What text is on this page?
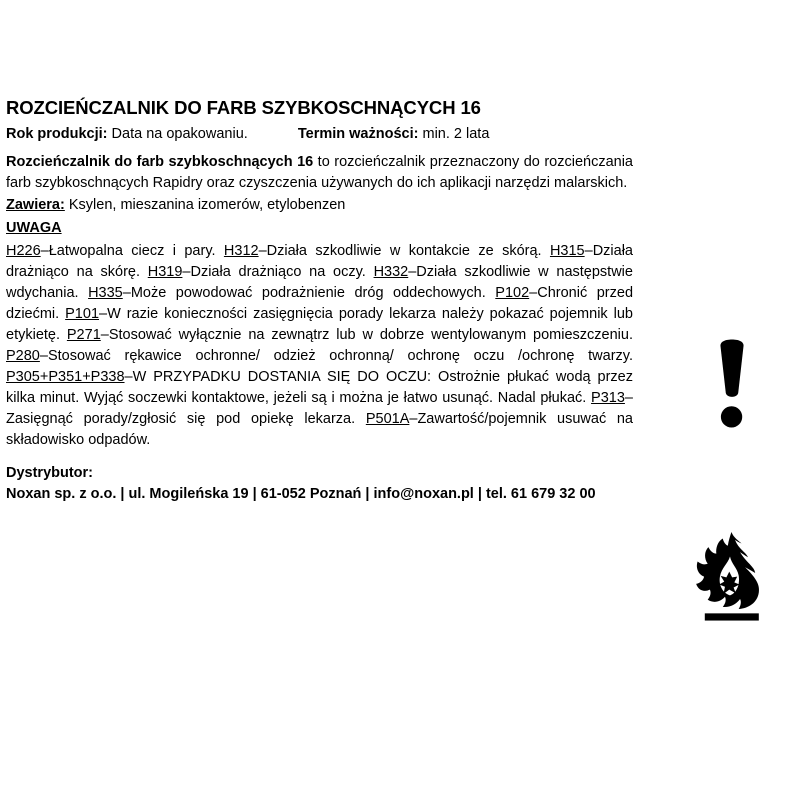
ROZCIEŃCZALNIK DO FARB SZYBKOSCHNĄCYCH 16
Rok produkcji: Data na opakowaniu.	Termin ważności: min. 2 lata

Rozcieńczalnik do farb szybkoschnących 16 to rozcieńczalnik przeznaczony do rozcieńczania farb szybkoschnących Rapidry oraz czyszczenia używanych do ich aplikacji narzędzi malarskich.

Zawiera: Ksylen, mieszanina izomerów, etylobenzen
UWAGA

H226–Łatwopalna ciecz i pary. H312–Działa szkodliwie w kontakcie ze skórą. H315–Działa drażniąco na skórę. H319–Działa drażniąco na oczy. H332–Działa szkodliwie w następstwie wdychania. H335–Może powodować podrażnienie dróg oddechowych. P102–Chronić przed dziećmi. P101–W razie konieczności zasięgnięcia porady lekarza należy pokazać pojemnik lub etykietę. P271–Stosować wyłącznie na zewnątrz lub w dobrze wentylowanym pomieszczeniu. P280–Stosować rękawice ochronne/ odzież ochronną/ ochronę oczu /ochronę twarzy. P305+P351+P338–W PRZYPADKU DOSTANIA SIĘ DO OCZU: Ostrożnie płukać wodą przez kilka minut. Wyjąć soczewki kontaktowe, jeżeli są i można je łatwo usunąć. Nadal płukać. P313–Zasięgnąć porady/zgłosić się pod opiekę lekarza. P501A–Zawartość/pojemnik usuwać na składowisko odpadów.

Dystrybutor:
Noxan sp. z o.o. | ul. Mogileńska 19 | 61-052 Poznań | info@noxan.pl | tel. 61 679 32 00
